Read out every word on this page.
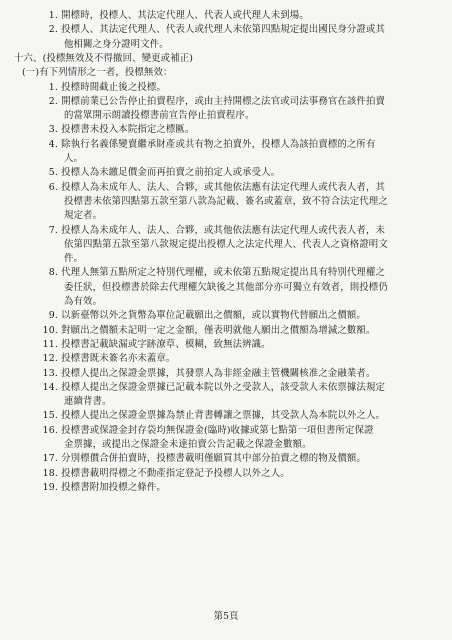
1. 開標時，投標人、其法定代理人、代表人或代理人未到場。
2. 投標人、其法定代理人、代表人或代理人未依第四點規定提出國民身分證或其
他相關之身分證明文件。
十六、(投標無效及不得撤回、變更或補正)
(一)有下列情形之一者，投標無效：
1. 投標時間截止後之投標。
2. 開標前業已公告停止拍賣程序，或由主持開標之法官或司法事務官在該件拍賣
的當眾開示朗讀投標書前宣告停止拍賣程序。
3. 投標書未投入本院指定之標匭。
4. 除執行名義係變賣繼承財產或共有物之拍賣外，投標人為該拍賣標的之所有
人。
5. 投標人為未繳足價金而再拍賣之前拍定人或承受人。
6. 投標人為未成年人、法人、合夥，或其他依法應有法定代理人或代表人者，其
投標書未依第四點第五款至第八款為記載、簽名或蓋章，致不符合法定代理之
規定者。
7. 投標人為未成年人、法人、合夥，或其他依法應有法定代理人或代表人者，未
依第四點第五款至第八款規定提出投標人之法定代理人、代表人之資格證明文
件。
8. 代理人無第五點所定之特別代理權，或未依第五點規定提出具有特別代理權之
委任狀，但投標書於除去代理權欠缺後之其他部分亦可獨立有效者，則投標仍
為有效。
9. 以新臺幣以外之貨幣為單位記載願出之價額，或以實物代替願出之價額。
10. 對願出之價額未記明一定之金額，僅表明就他人願出之價額為增減之數額。
11. 投標書記載缺漏或字跡潦草、模糊，致無法辨識。
12. 投標書既未簽名亦未蓋章。
13. 投標人提出之保證金票據，其發票人為非經金融主管機關核准之金融業者。
14. 投標人提出之保證金票據已記載本院以外之受款人，該受款人未依票據法規定
連續背書。
15. 投標人提出之保證金票據為禁止背書轉讓之票據，其受款人為本院以外之人。
16. 投標書或保證金封存袋均無保證金(臨時)收據或第七點第一項但書所定保證
金票據，或提出之保證金未達拍賣公告記載之保證金數額。
17. 分別標價合併拍賣時，投標書載明僅願買其中部分拍賣之標的物及價額。
18. 投標書載明得標之不動產指定登記予投標人以外之人。
19. 投標書附加投標之條件。
第5頁
